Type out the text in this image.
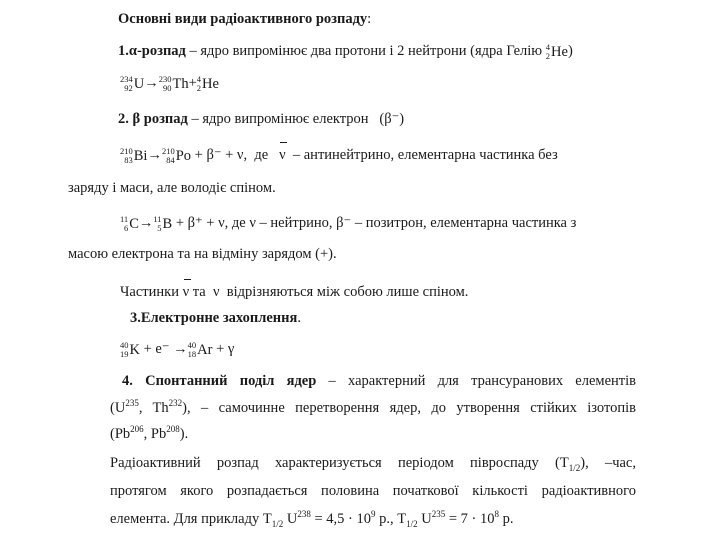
Основні види радіоактивного розпаду:
1.α-розпад – ядро випромінює два протони і 2 нейтрони (ядра Гелію 4
2 He )
234
92 U → 230
90 Th + 4
2 He
2. β розпад – ядро випромінює електрон (β⁻)
210
83 Bi → 210
84 Po + β⁻ + ν, де ν – антинейтрино, елементарна частинка без
заряду і маси, але володіє спіном.
11
6 C → 11
5 B + β⁺ + ν, де ν – нейтрино, β⁻ – позитрон, елементарна частинка з
масою електрона та на відміну зарядом (+).
Частинки ν та ν відрізняються між собою лише спіном.
3.Електронне захоплення.
40
19 K + e⁻ → 40
18 Ar + γ
4. Спонтанний поділ ядер – характерний для трансуранових елементів
($U^{235}$, Th$^{232}$), – самочинне перетворення ядер, до утворення стійких ізотопів
(Pb$^{206}$, Pb$^{208}$).
Радіоактивний розпад характеризується періодом півроспаду $(T_{1/2})$, –час,
протягом якого розпадається половина початкової кількості радіоактивного
елемента. Для прикладу $T_{1/2}$ $U^{238} = 4,5 \cdot 10^9$ р., $T_{1/2}$ $U^{235} = 7 \cdot 10^8$ р.
